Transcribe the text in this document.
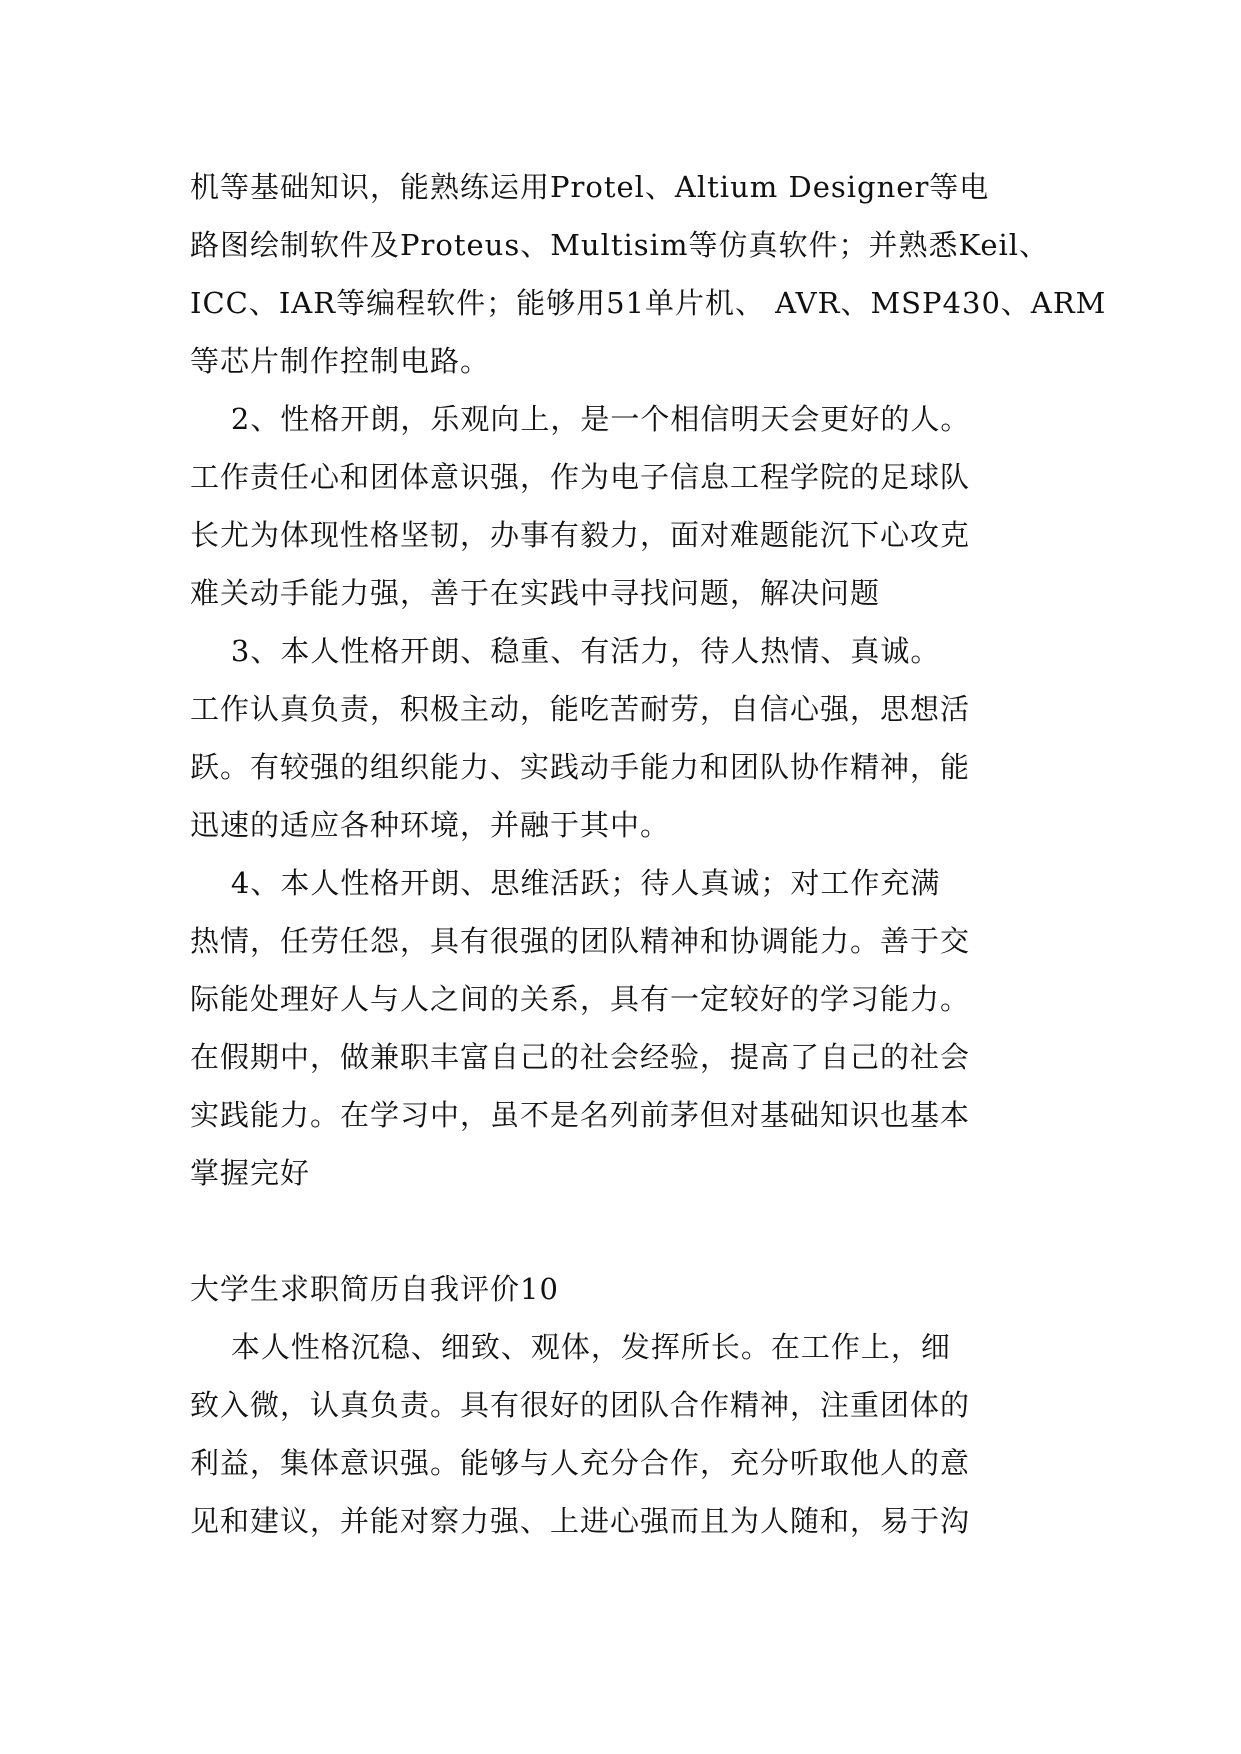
机等基础知识，能熟练运用Protel、Altium Designer等电
路图绘制软件及Proteus、Multisim等仿真软件；并熟悉Keil、
ICC、IAR等编程软件；能够用51单片机、 AVR、MSP430、ARM
等芯片制作控制电路。
2、性格开朗，乐观向上，是一个相信明天会更好的人。
工作责任心和团体意识强，作为电子信息工程学院的足球队
长尤为体现性格坚韧，办事有毅力，面对难题能沉下心攻克
难关动手能力强，善于在实践中寻找问题，解决问题
3、本人性格开朗、稳重、有活力，待人热情、真诚。
工作认真负责，积极主动，能吃苦耐劳，自信心强，思想活
跃。有较强的组织能力、实践动手能力和团队协作精神，能
迅速的适应各种环境，并融于其中。
4、本人性格开朗、思维活跃；待人真诚；对工作充满
热情，任劳任怨，具有很强的团队精神和协调能力。善于交
际能处理好人与人之间的关系，具有一定较好的学习能力。
在假期中，做兼职丰富自己的社会经验，提高了自己的社会
实践能力。在学习中，虽不是名列前茅但对基础知识也基本
掌握完好
大学生求职简历自我评价10
本人性格沉稳、细致、观体，发挥所长。在工作上，细
致入微，认真负责。具有很好的团队合作精神，注重团体的
利益，集体意识强。能够与人充分合作，充分听取他人的意
见和建议，并能对察力强、上进心强而且为人随和，易于沟
